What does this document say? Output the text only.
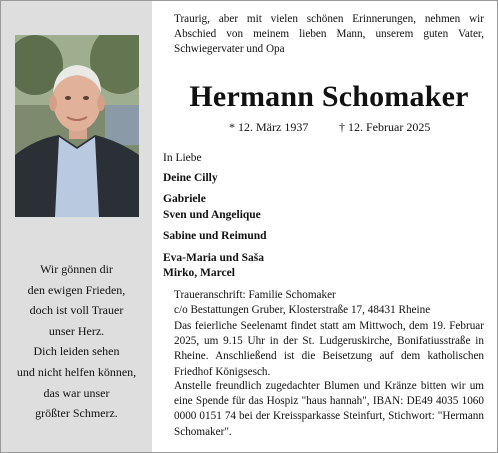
Wir gönnen dir
den ewigen Frieden,
doch ist voll Trauer
unser Herz.
Dich leiden sehen
und nicht helfen können,
das war unser
größter Schmerz.
Traurig, aber mit vielen schönen Erinnerungen, nehmen wir Abschied von meinem lieben Mann, unserem guten Vater, Schwiegervater und Opa
Hermann Schomaker
* 12. März 1937	† 12. Februar 2025
Traueranschrift: Familie Schomaker
c/o Bestattungen Gruber, Klosterstraße 17, 48431 Rheine
Das feierliche Seelenamt findet statt am Mittwoch, dem 19. Februar 2025, um 9.15 Uhr in der St. Ludgeruskirche, Bonifatiusstraße in Rheine. Anschließend ist die Beisetzung auf dem katholischen Friedhof Königsesch.
Anstelle freundlich zugedachter Blumen und Kränze bitten wir um eine Spende für das Hospiz "haus hannah", IBAN: DE49 4035 1060 0000 0151 74 bei der Kreissparkasse Steinfurt, Stichwort: "Hermann Schomaker".
In Liebe
Deine Cilly
Gabriele
Sven und Angelique
Sabine und Reimund
Eva-Maria und Saša
Mirko, Marcel
